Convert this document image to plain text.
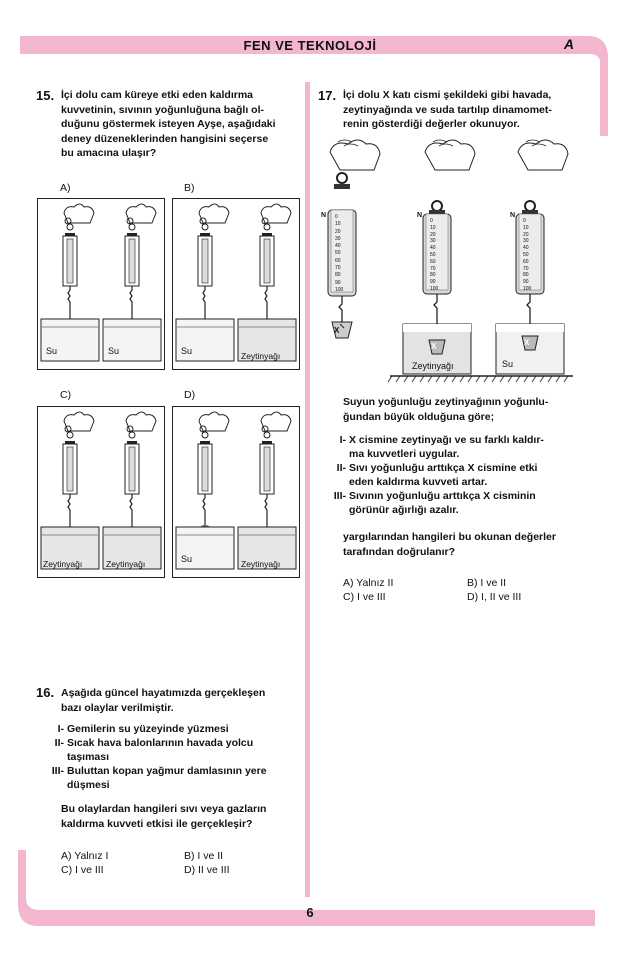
FEN VE TEKNOLOJİ	A
6
15. İçi dolu cam küreye etki eden kaldırma
kuvvetinin, sıvının yoğunluğuna bağlı ol-
duğunu göstermek isteyen Ayşe, aşağıdaki
deney düzeneklerinden hangisini seçerse
bu amacına ulaşır?
A)	B)
C)	D)
Su	Su	Su	Zeytinyağı
Zeytinyağı	Zeytinyağı	Su	Zeytinyağı
16. Aşağıda güncel hayatımızda gerçekleşen
bazı olaylar verilmiştir.
I- Gemilerin su yüzeyinde yüzmesi
II- Sıcak hava balonlarının havada yolcu
taşıması
III- Buluttan kopan yağmur damlasının yere
düşmesi
Bu olaylardan hangileri sıvı veya gazların
kaldırma kuvveti etkisi ile gerçekleşir?
A) Yalnız I	B) I ve II
C) I ve III	D) II ve III
17. İçi dolu X katı cismi şekildeki gibi havada,
zeytinyağında ve suda tartılıp dinamomet-
renin gösterdiği değerler okunuyor.
N	N	N
0
10
20
30
40
50
60
70
80
90
100
0
10
20
30
40
50
60
70
80
90
100
0
10
20
30
40
50
60
70
80
90
100
X
X	X
Zeytinyağı	Su
Suyun yoğunluğu zeytinyağının yoğunlu-
ğundan büyük olduğuna göre;
I- X cismine zeytinyağı ve su farklı kaldır-
ma kuvvetleri uygular.
II- Sıvı yoğunluğu arttıkça X cismine etki
eden kaldırma kuvveti artar.
III- Sıvının yoğunluğu arttıkça X cisminin
görünür ağırlığı azalır.
yargılarından hangileri bu okunan değerler
tarafından doğrulanır?
A) Yalnız II	B) I ve II
C) I ve III	D) I, II ve III
